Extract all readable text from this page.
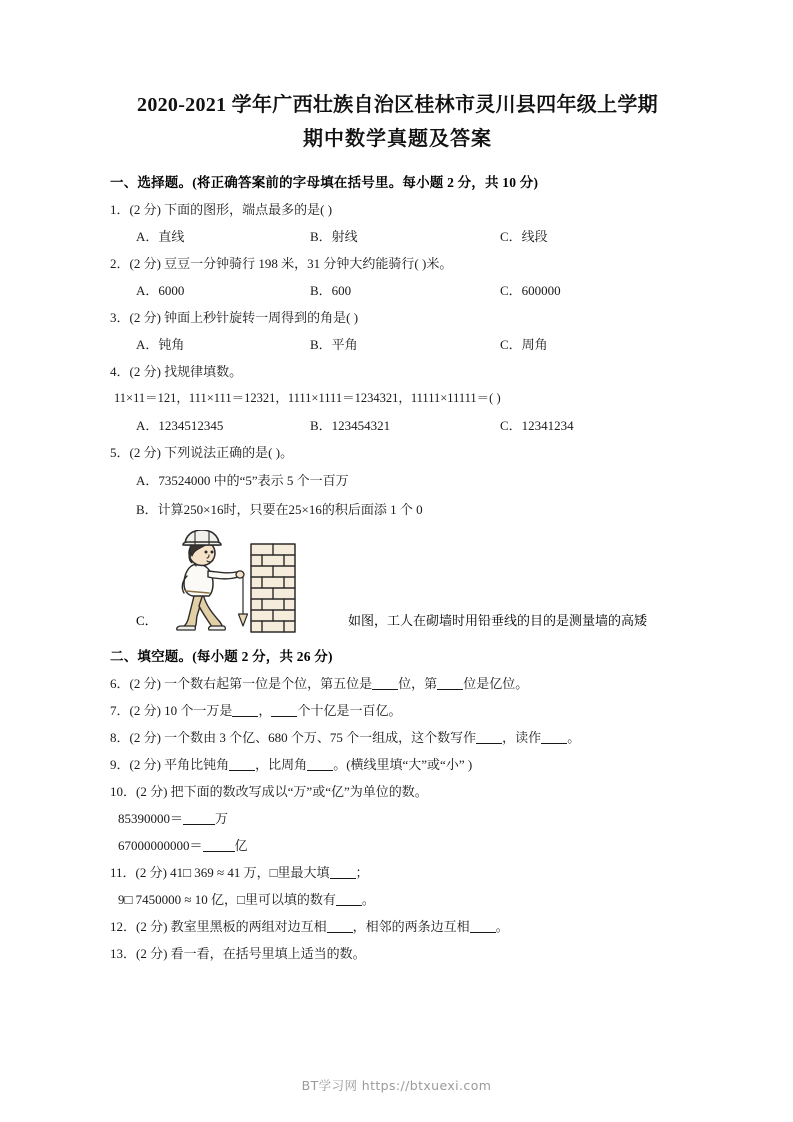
2020-2021 学年广西壮族自治区桂林市灵川县四年级上学期
期中数学真题及答案
一、选择题。(将正确答案前的字母填在括号里。每小题 2 分，共 10 分)
1．(2 分) 下面的图形，端点最多的是( )
A．直线	B．射线	C．线段
2．(2 分) 豆豆一分钟骑行 198 米，31 分钟大约能骑行( )米。
A．6000	B．600	C．600000
3．(2 分) 钟面上秒针旋转一周得到的角是( )
A．钝角	B．平角	C．周角
4．(2 分) 找规律填数。
11×11＝121，111×111＝12321，1111×1111＝1234321，11111×11111＝( )
A．1234512345	B．123454321	C．12341234
5．(2 分) 下列说法正确的是( )。
A．73524000 中的“5”表示 5 个一百万
B．计算250×16时，只要在25×16的积后面添 1 个 0
C．	如图，工人在砌墙时用铅垂线的目的是测量墙的高矮
二、填空题。(每小题 2 分，共 26 分)
6．(2 分) 一个数右起第一位是个位，第五位是 位，第 位是亿位。
7．(2 分) 10 个一万是 ， 个十亿是一百亿。
8．(2 分) 一个数由 3 个亿、680 个万、75 个一组成，这个数写作 ，读作 。
9．(2 分) 平角比钝角 ，比周角 。(横线里填“大”或“小” )
10．(2 分) 把下面的数改写成以“万”或“亿”为单位的数。
85390000＝ 万
67000000000＝ 亿
11．(2 分) 41□ 369 ≈ 41 万，□里最大填 ；
9□ 7450000 ≈ 10 亿，□里可以填的数有 。
12．(2 分) 教室里黑板的两组对边互相 ，相邻的两条边互相 。
13．(2 分) 看一看，在括号里填上适当的数。
BT学习网 https://btxuexi.com
